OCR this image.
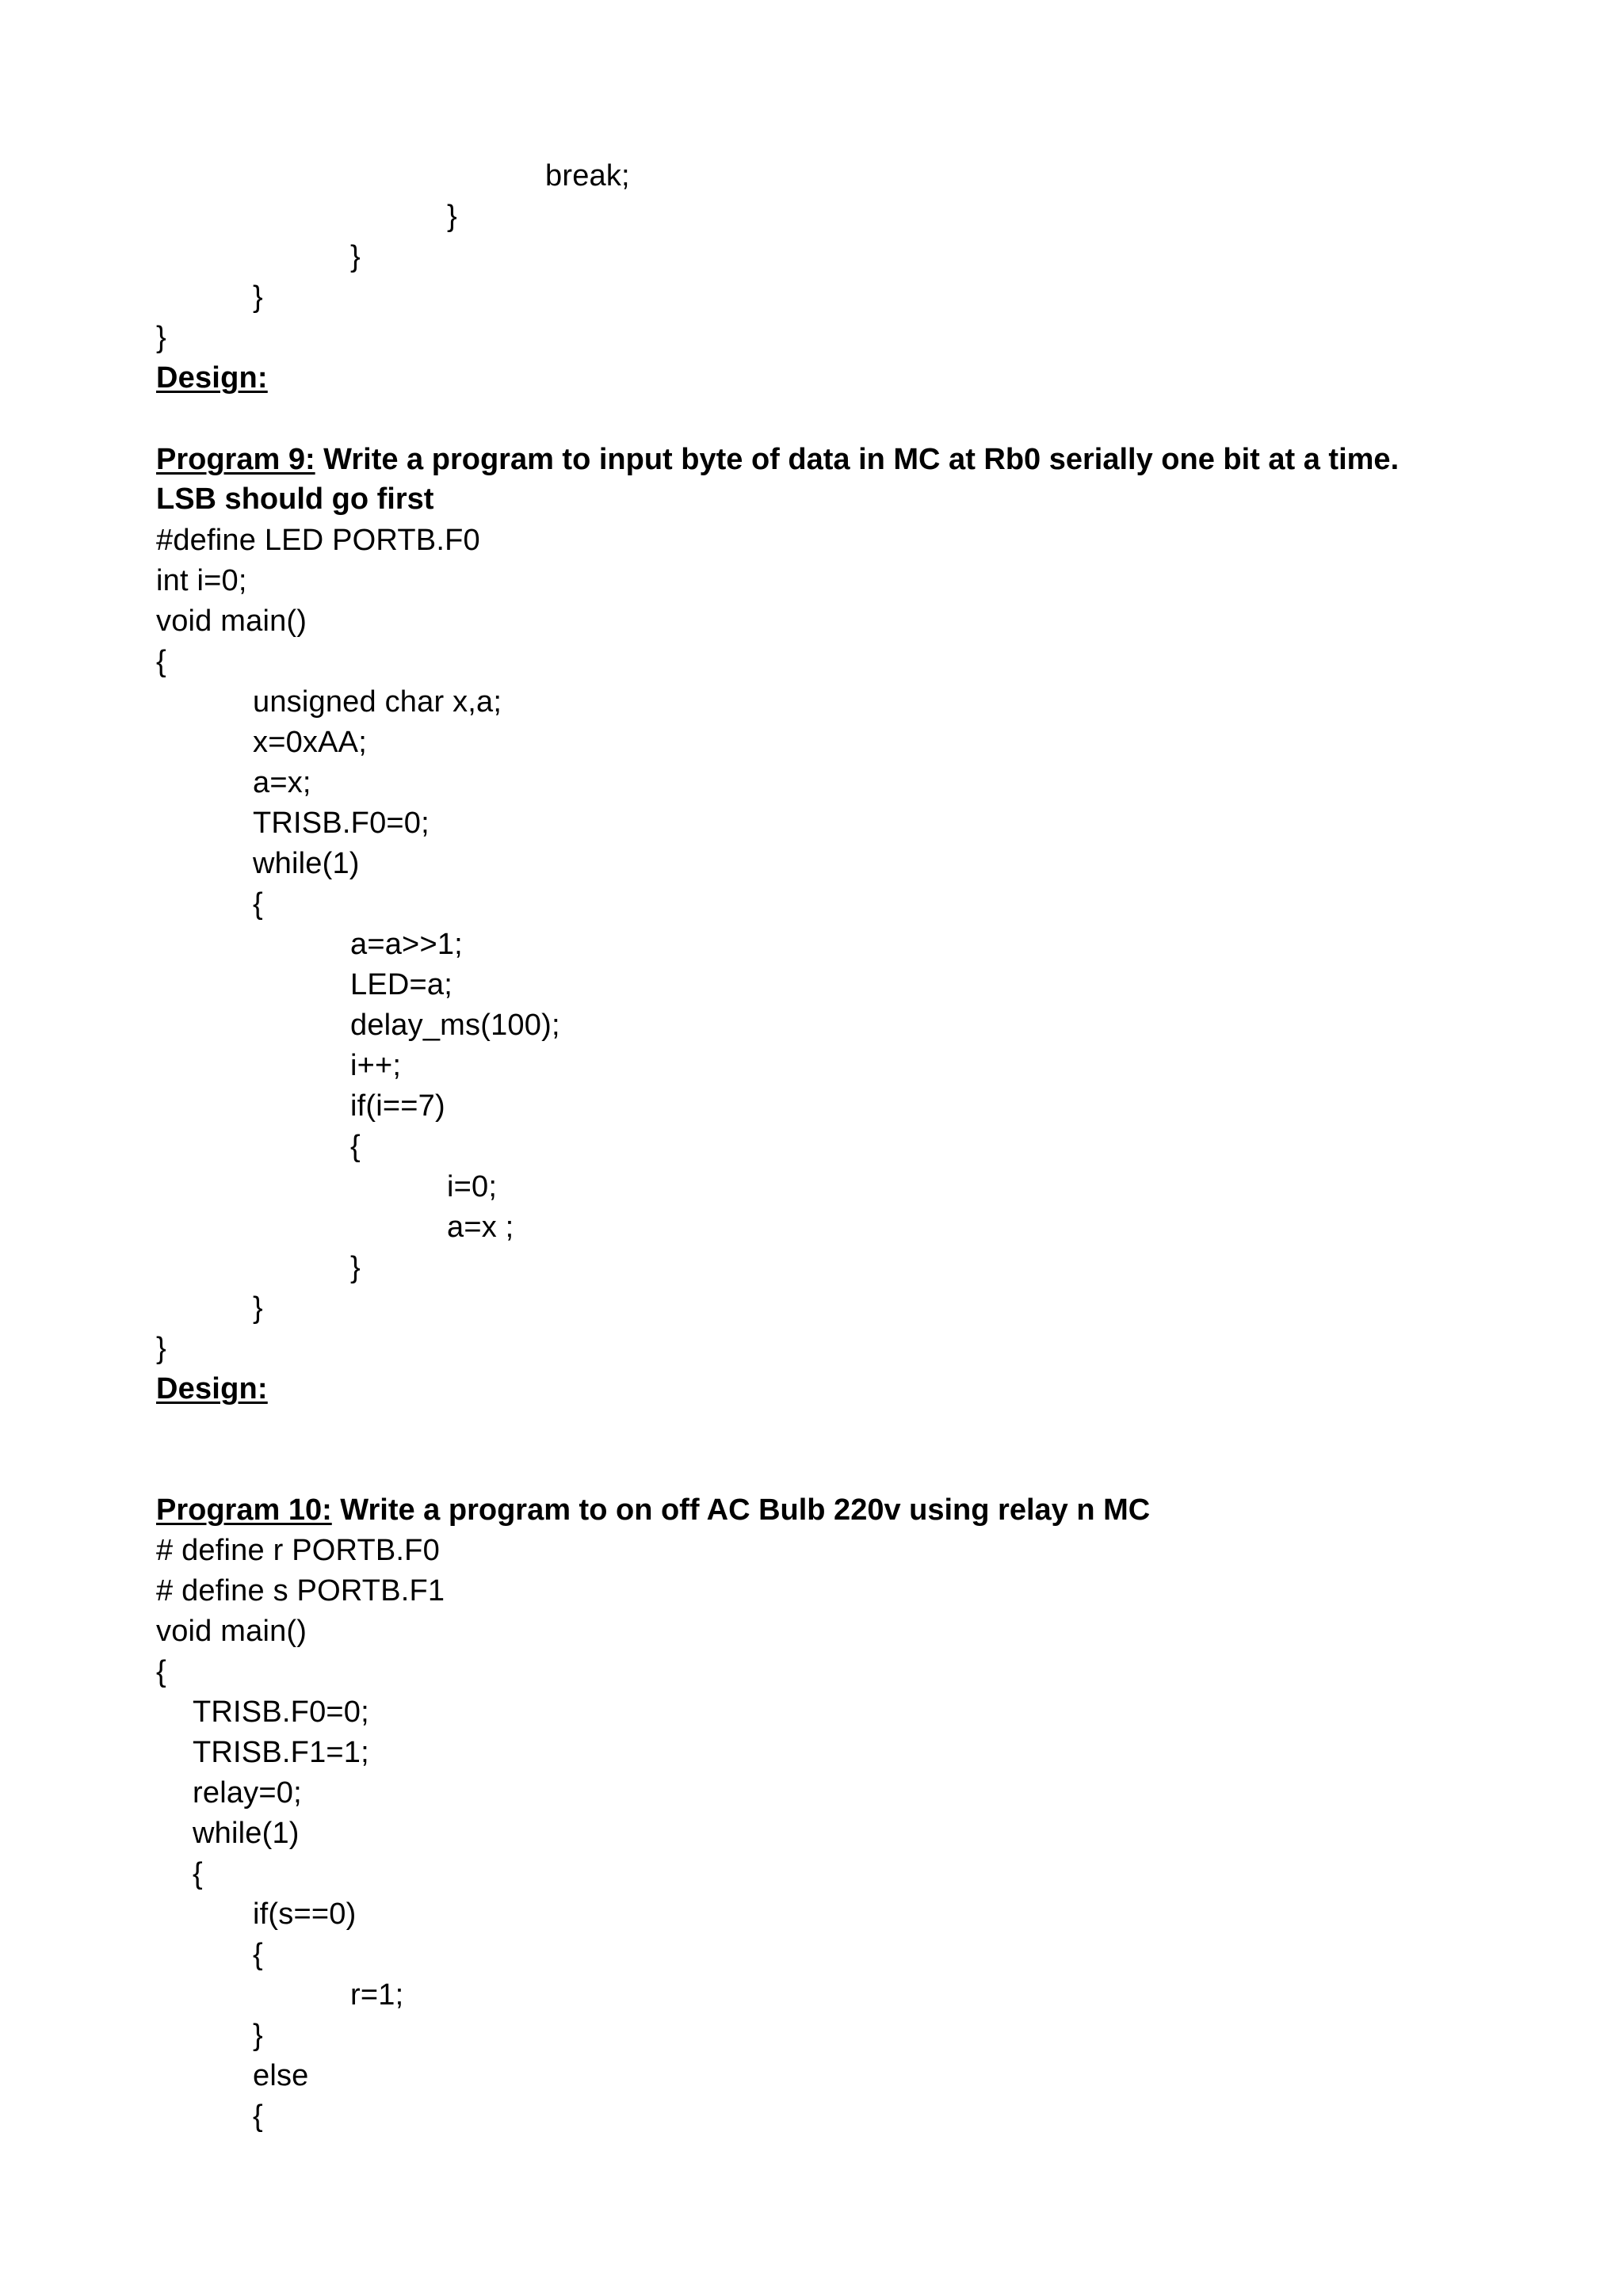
break;
}
}
}
}
Design:
Program 9: Write a program to input byte of data in MC at Rb0 serially one bit at a time. LSB should go first
#define LED PORTB.F0
int i=0;
void main()
{
unsigned char x,a;
x=0xAA;
a=x;
TRISB.F0=0;
while(1)
{
a=a>>1;
LED=a;
delay_ms(100);
i++;
if(i==7)
{
i=0;
a=x ;
}
}
}
Design:
Program 10: Write a program to on off AC Bulb 220v using relay n MC
# define r PORTB.F0
# define s PORTB.F1
void main()
{
TRISB.F0=0;
TRISB.F1=1;
relay=0;
while(1)
{
if(s==0)
{
r=1;
}
else
{
